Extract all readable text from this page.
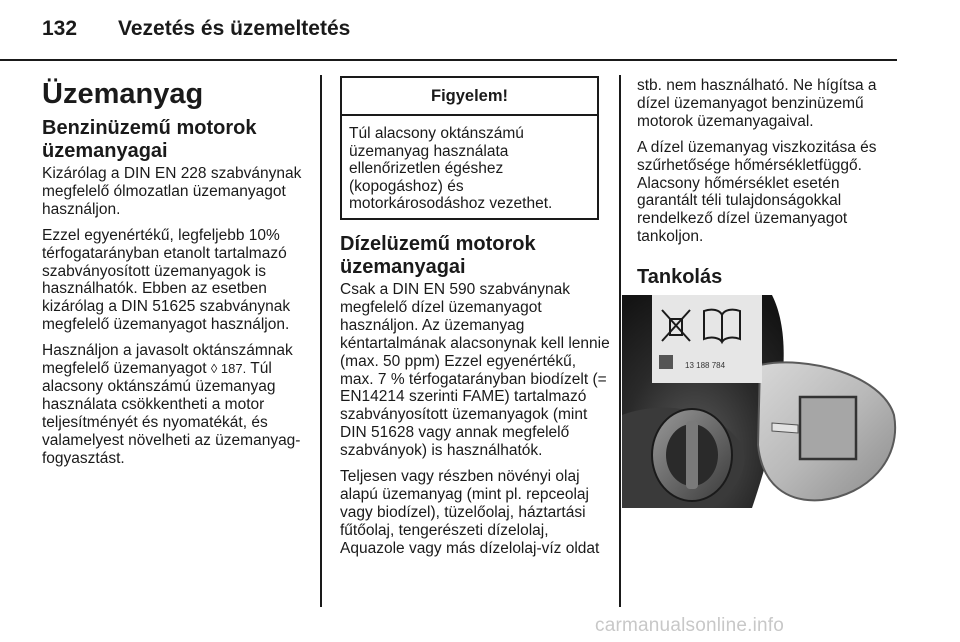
132 Vezetés és üzemeltetés
Üzemanyag
Benzinüzemű motorok üzemanyagai

Kizárólag a DIN EN 228 szabványnak megfelelő ólmozatlan üzemanyagot használjon.

Ezzel egyenértékű, legfeljebb 10% térfogatarányban etanolt tartalmazó szabványosított üzemanyagok is használhatók. Ebben az esetben kizárólag a DIN 51625 szabványnak megfelelő üzemanyagot használjon.

Használjon a javasolt oktánszámnak megfelelő üzemanyagot ◊ 187. Túl alacsony oktánszámú üzemanyag használata csökkentheti a motor teljesítményét és nyomatékát, és valamelyest növelheti az üzemanyag-fogyasztást.

Figyelem!
Túl alacsony oktánszámú üzemanyag használata ellenőrizetlen égéshez (kopogáshoz) és motorkárosodáshoz vezethet.
Dízelüzemű motorok üzemanyagai

Csak a DIN EN 590 szabványnak megfelelő dízel üzemanyagot használjon. Az üzemanyag kéntartalmának alacsonynak kell lennie (max. 50 ppm) Ezzel egyenértékű, max. 7 % térfogatarányban biodízelt (= EN14214 szerinti FAME) tartalmazó szabványosított üzemanyagok (mint DIN 51628 vagy annak megfelelő szabványok) is használhatók.

Teljesen vagy részben növényi olaj alapú üzemanyag (mint pl. repceolaj vagy biodízel), tüzelőolaj, háztartási fűtőolaj, tengerészeti dízelolaj, Aquazole vagy más dízelolaj-víz oldat

stb. nem használható. Ne hígítsa a dízel üzemanyagot benzinüzemű motorok üzemanyagaival.

A dízel üzemanyag viszkozitása és szűrhetősége hőmérsékletfüggő. Alacsony hőmérséklet esetén garantált téli tulajdonságokkal rendelkező dízel üzemanyagot tankoljon.

Tankolás
13 188 784
carmanualsonline.info
